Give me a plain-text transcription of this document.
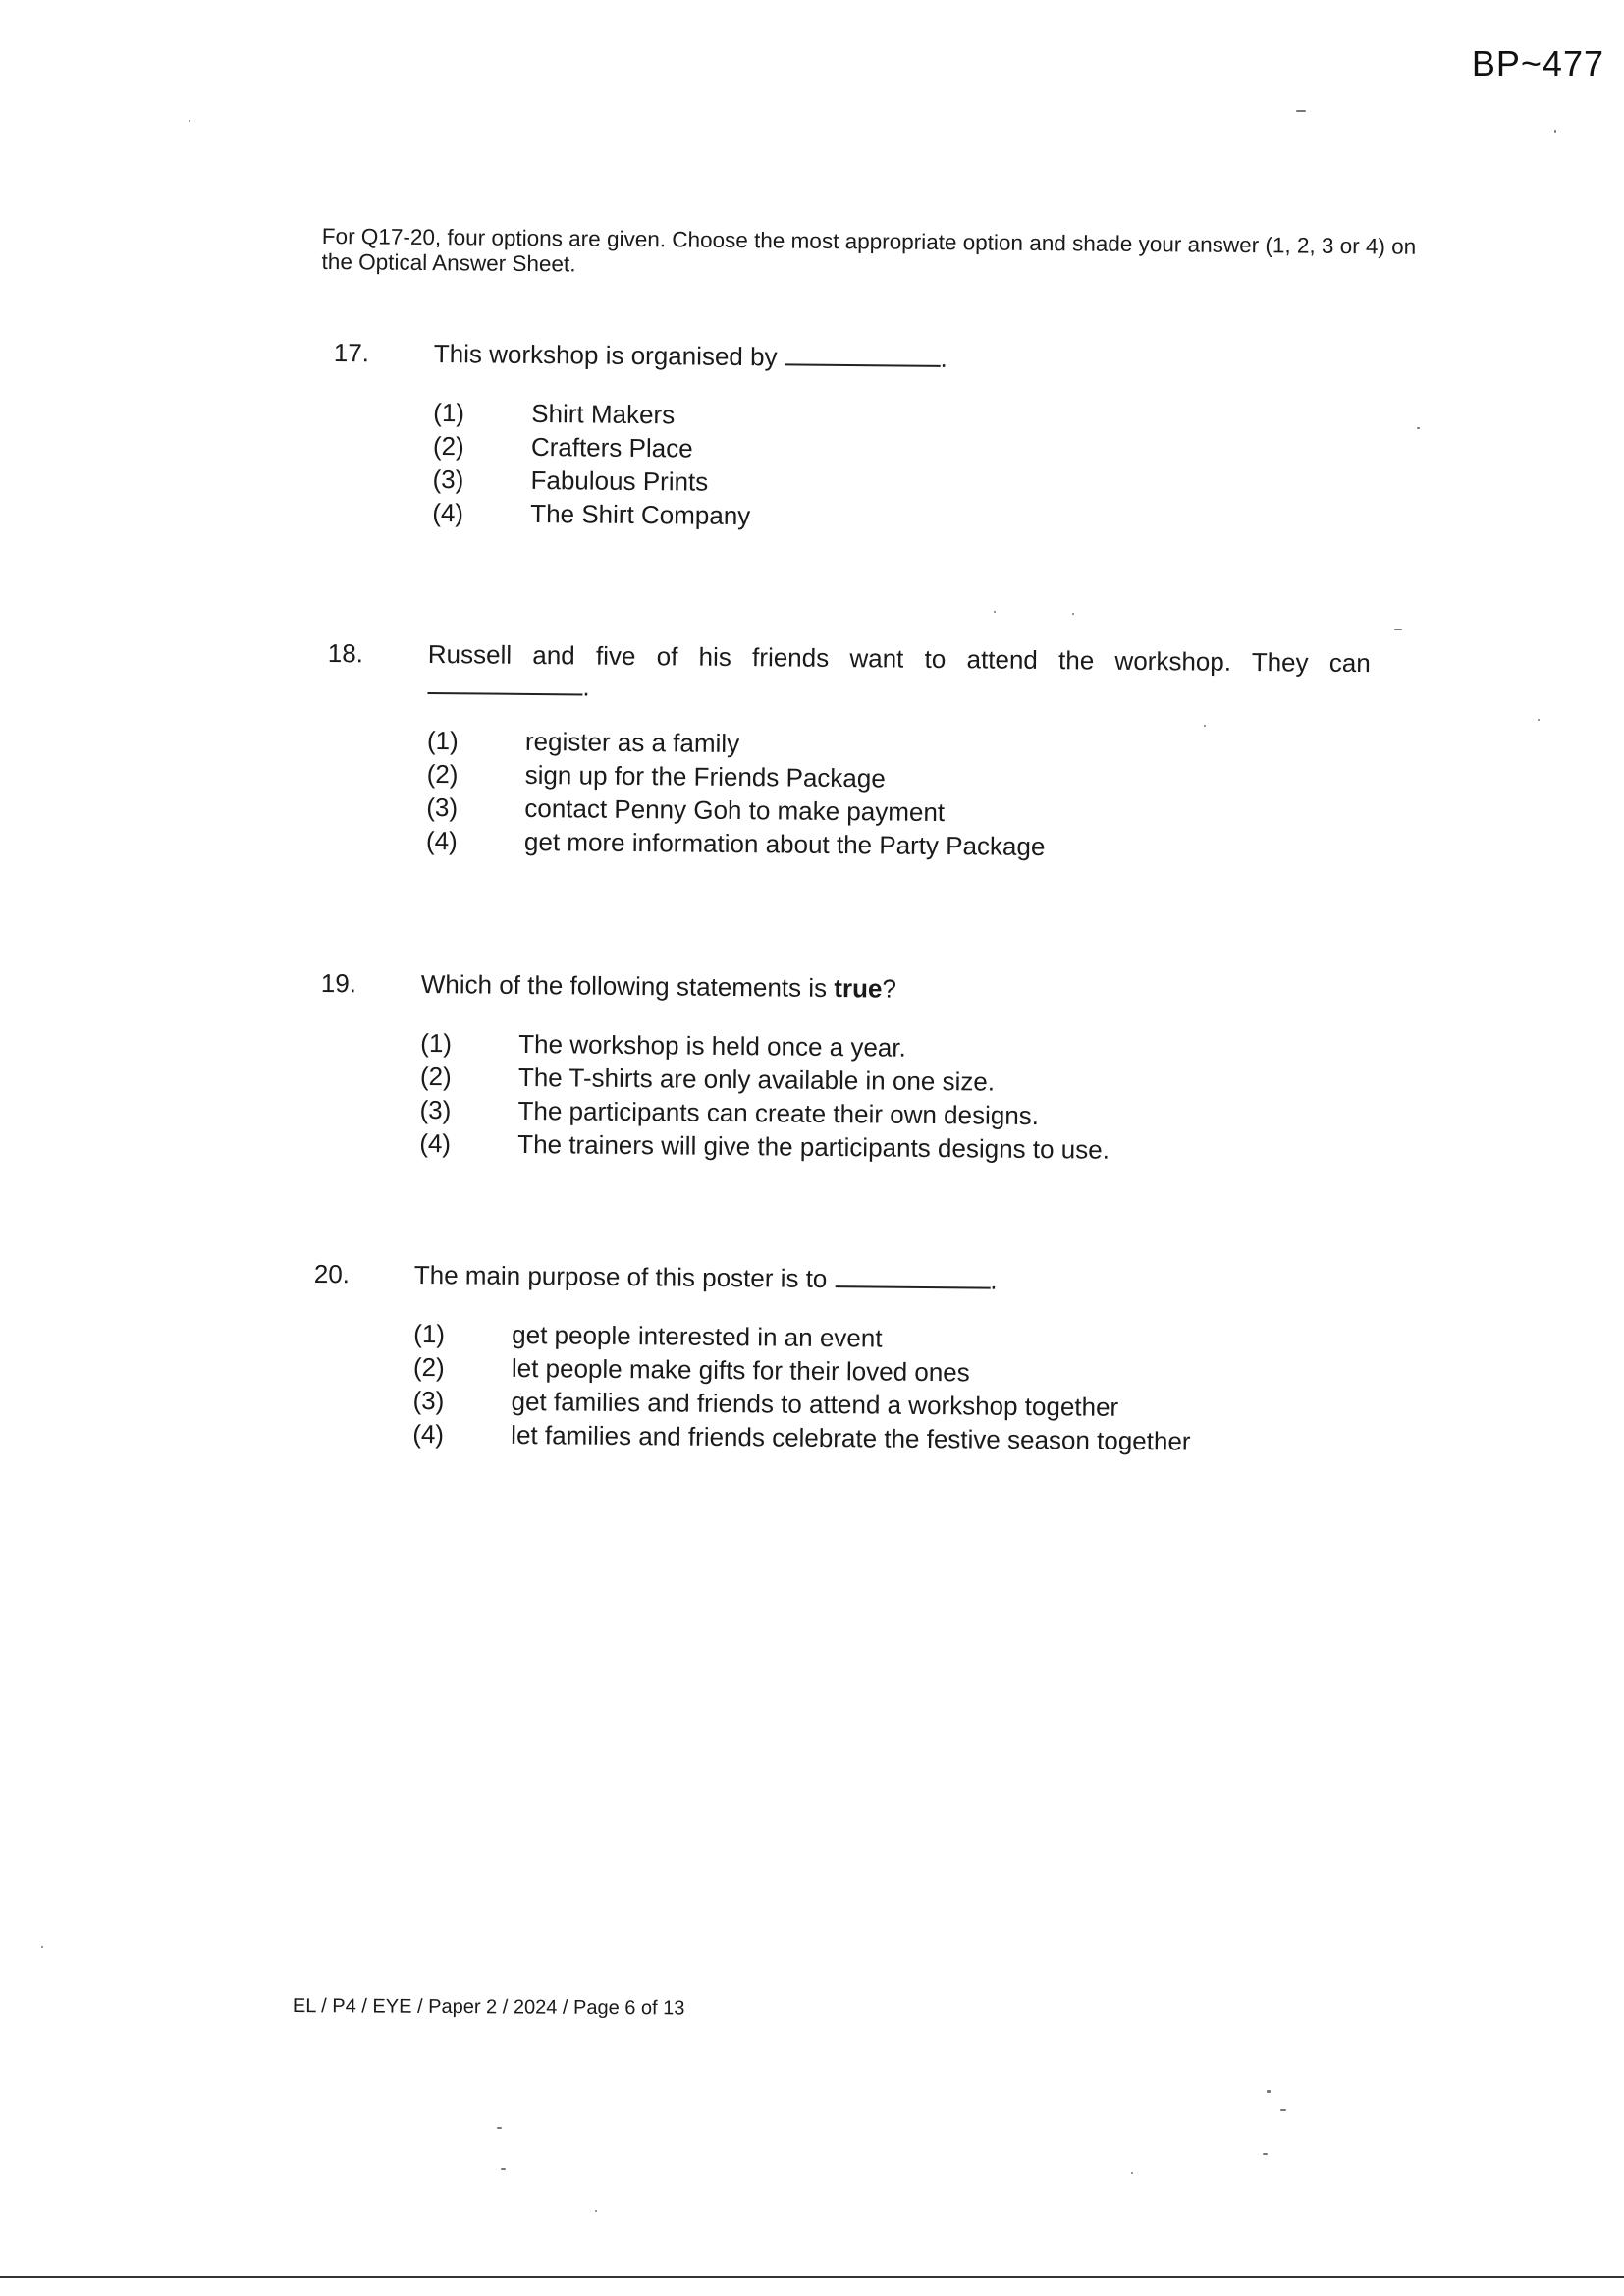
BP~477
For Q17-20, four options are given. Choose the most appropriate option and shade your answer (1, 2, 3 or 4) on the Optical Answer Sheet.
17.	This workshop is organised by	.
(1)	Shirt Makers
(2)	Crafters Place
(3)	Fabulous Prints
(4)	The Shirt Company
18.	Russell and five of his friends want to attend the workshop. They can
.
(1)	register as a family
(2)	sign up for the Friends Package
(3)	contact Penny Goh to make payment
(4)	get more information about the Party Package
19.	Which of the following statements is true?
(1)	The workshop is held once a year.
(2)	The T-shirts are only available in one size.
(3)	The participants can create their own designs.
(4)	The trainers will give the participants designs to use.
20.	The main purpose of this poster is to	.
(1)	get people interested in an event
(2)	let people make gifts for their loved ones
(3)	get families and friends to attend a workshop together
(4)	let families and friends celebrate the festive season together
EL / P4 / EYE / Paper 2 / 2024 / Page 6 of 13
